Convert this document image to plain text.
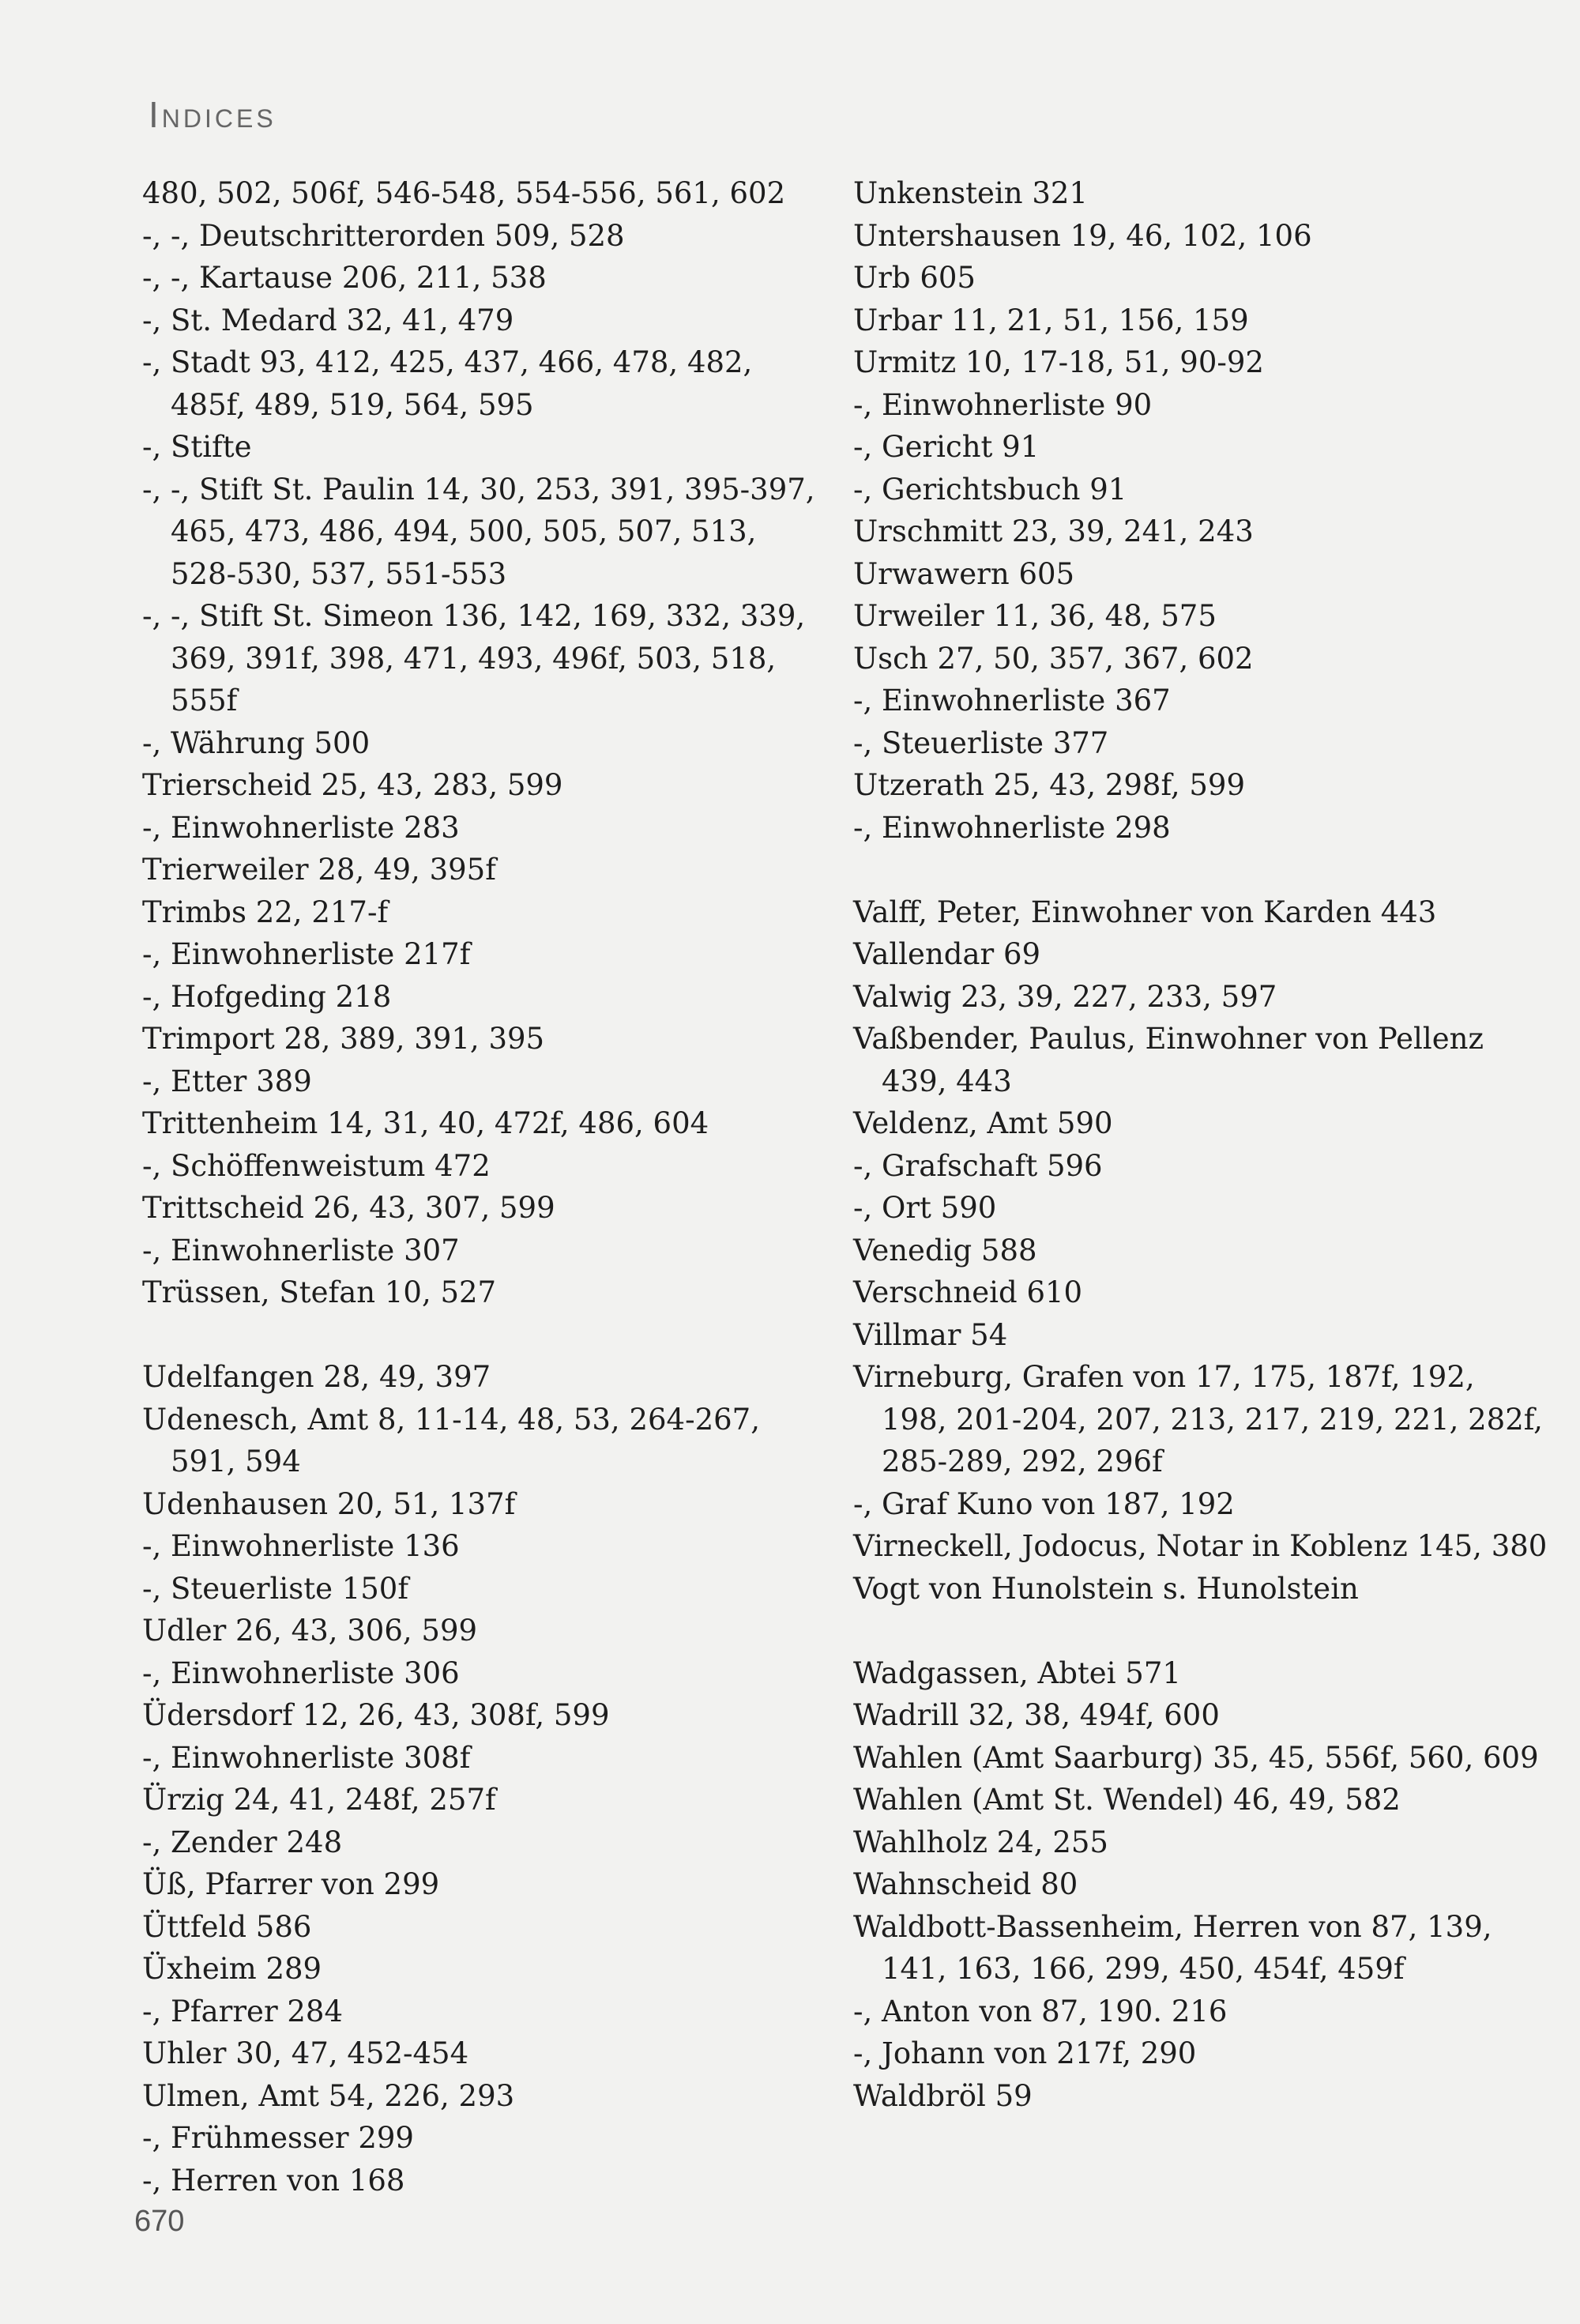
Indices
480, 502, 506f, 546-548, 554-556, 561, 602
-, -, Deutschritterorden 509, 528
-, -, Kartause 206, 211, 538
-, St. Medard 32, 41, 479
-, Stadt 93, 412, 425, 437, 466, 478, 482, 485f, 489, 519, 564, 595
-, Stifte
-, -, Stift St. Paulin 14, 30, 253, 391, 395-397, 465, 473, 486, 494, 500, 505, 507, 513, 528-530, 537, 551-553
-, -, Stift St. Simeon 136, 142, 169, 332, 339, 369, 391f, 398, 471, 493, 496f, 503, 518, 555f
-, Währung 500
Trierscheid 25, 43, 283, 599
-, Einwohnerliste 283
Trierweiler 28, 49, 395f
Trimbs 22, 217-f
-, Einwohnerliste 217f
-, Hofgeding 218
Trimport 28, 389, 391, 395
-, Etter 389
Trittenheim 14, 31, 40, 472f, 486, 604
-, Schöffenweistum 472
Trittscheid 26, 43, 307, 599
-, Einwohnerliste 307
Trüssen, Stefan 10, 527
Udelfangen 28, 49, 397
Udenesch, Amt 8, 11-14, 48, 53, 264-267, 591, 594
Udenhausen 20, 51, 137f
-, Einwohnerliste 136
-, Steuerliste 150f
Udler 26, 43, 306, 599
-, Einwohnerliste 306
Üdersdorf 12, 26, 43, 308f, 599
-, Einwohnerliste 308f
Ürzig 24, 41, 248f, 257f
-, Zender 248
Üß, Pfarrer von 299
Üttfeld 586
Üxheim 289
-, Pfarrer 284
Uhler 30, 47, 452-454
Ulmen, Amt 54, 226, 293
-, Frühmesser 299
-, Herren von 168
Unkenstein 321
Untershausen 19, 46, 102, 106
Urb 605
Urbar 11, 21, 51, 156, 159
Urmitz 10, 17-18, 51, 90-92
-, Einwohnerliste 90
-, Gericht 91
-, Gerichtsbuch 91
Urschmitt 23, 39, 241, 243
Urwawern 605
Urweiler 11, 36, 48, 575
Usch 27, 50, 357, 367, 602
-, Einwohnerliste 367
-, Steuerliste 377
Utzerath 25, 43, 298f, 599
-, Einwohnerliste 298
Valff, Peter, Einwohner von Karden 443
Vallendar 69
Valwig 23, 39, 227, 233, 597
Vaßbender, Paulus, Einwohner von Pellenz 439, 443
Veldenz, Amt 590
-, Grafschaft 596
-, Ort 590
Venedig 588
Verschneid 610
Villmar 54
Virneburg, Grafen von 17, 175, 187f, 192, 198, 201-204, 207, 213, 217, 219, 221, 282f, 285-289, 292, 296f
-, Graf Kuno von 187, 192
Virneckell, Jodocus, Notar in Koblenz 145, 380
Vogt von Hunolstein s. Hunolstein
Wadgassen, Abtei 571
Wadrill 32, 38, 494f, 600
Wahlen (Amt Saarburg) 35, 45, 556f, 560, 609
Wahlen (Amt St. Wendel) 46, 49, 582
Wahlholz 24, 255
Wahnscheid 80
Waldbott-Bassenheim, Herren von 87, 139, 141, 163, 166, 299, 450, 454f, 459f
-, Anton von 87, 190. 216
-, Johann von 217f, 290
Waldbröl 59
670
